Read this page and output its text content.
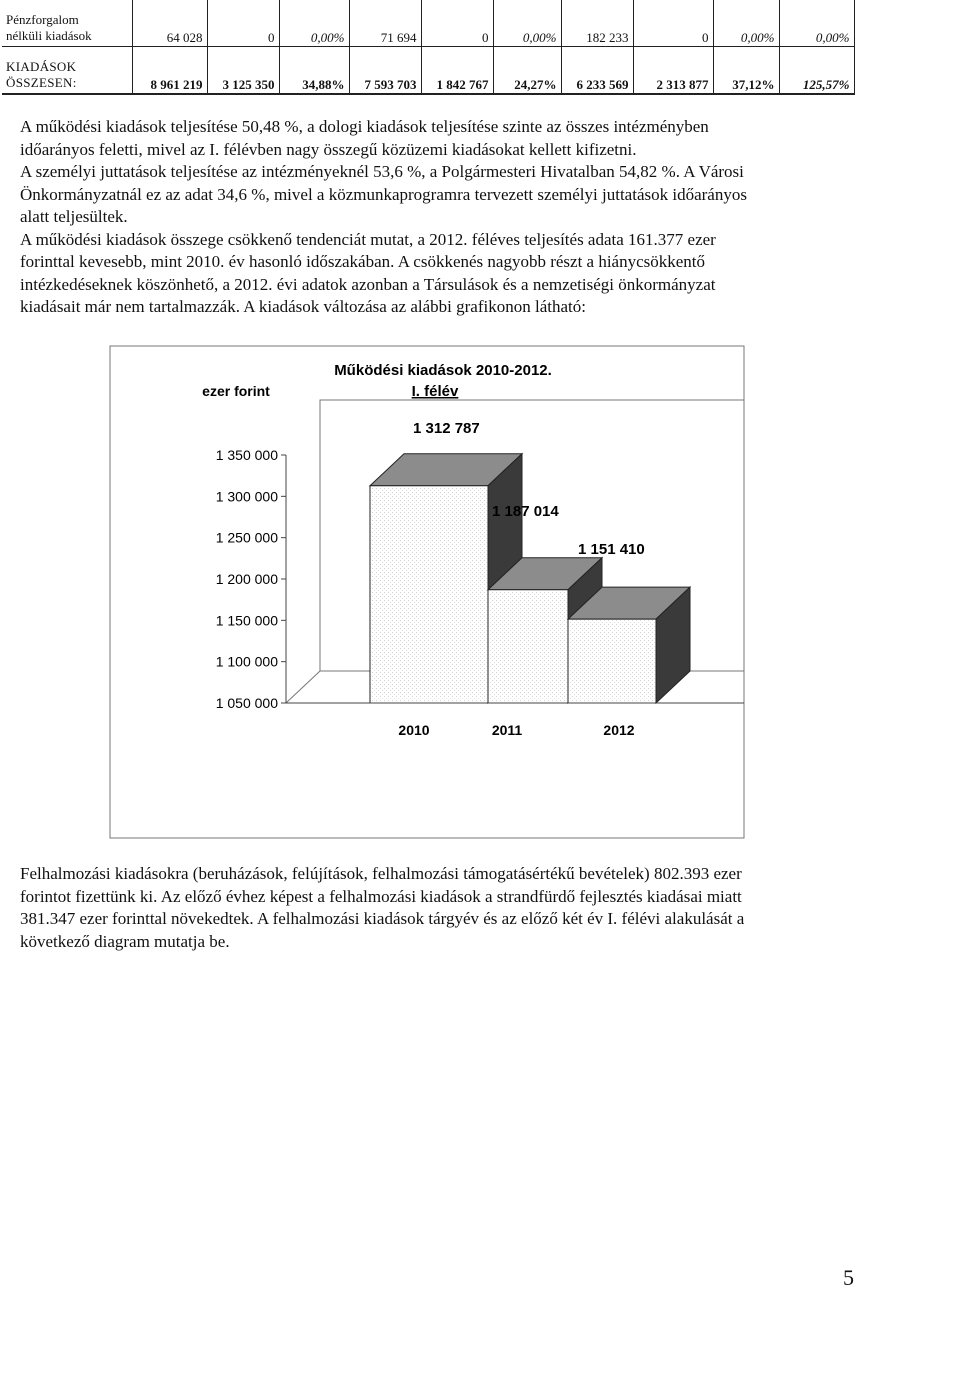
Pénzforgalom
nélküli kiadások	64 028	0	0,00%	71 694	0	0,00%	182 233	0	0,00%	0,00%
KIADÁSOK
ÖSSZESEN:	8 961 219	3 125 350	34,88%	7 593 703	1 842 767	24,27%	6 233 569	2 313 877	37,12%	125,57%

A működési kiadások teljesítése 50,48 %, a dologi kiadások teljesítése szinte az összes intézményben

időarányos feletti, mivel az I. félévben nagy összegű közüzemi kiadásokat kellett kifizetni.

A személyi juttatások teljesítése az intézményeknél 53,6 %, a Polgármesteri Hivatalban 54,82 %. A Városi

Önkormányzatnál ez az adat 34,6 %, mivel a közmunkaprogramra tervezett személyi juttatások időarányos

alatt teljesültek.

A működési kiadások összege csökkenő tendenciát mutat, a 2012. féléves teljesítés adata 161.377 ezer

forinttal kevesebb, mint 2010. év hasonló időszakában. A csökkenés nagyobb részt a hiánycsökkentő

intézkedéseknek köszönhető, a 2012. évi adatok azonban a Társulások és a nemzetiségi önkormányzat

kiadásait már nem tartalmazzák. A kiadások változása az alábbi grafikonon látható:

Működési kiadások 2010-2012.
I. félév
ezer forint
1 350 000
1 300 000
1 250 000
1 200 000
1 150 000
1 100 000
1 050 000
1 312 787
2010
1 187 014
2011
1 151 410
2012

Felhalmozási kiadásokra (beruházások, felújítások, felhalmozási támogatásértékű bevételek) 802.393 ezer

forintot fizettünk ki. Az előző évhez képest a felhalmozási kiadások a strandfürdő fejlesztés kiadásai miatt

381.347 ezer forinttal növekedtek. A felhalmozási kiadások tárgyév és az előző két év I. félévi alakulását a

következő diagram mutatja be.

5
